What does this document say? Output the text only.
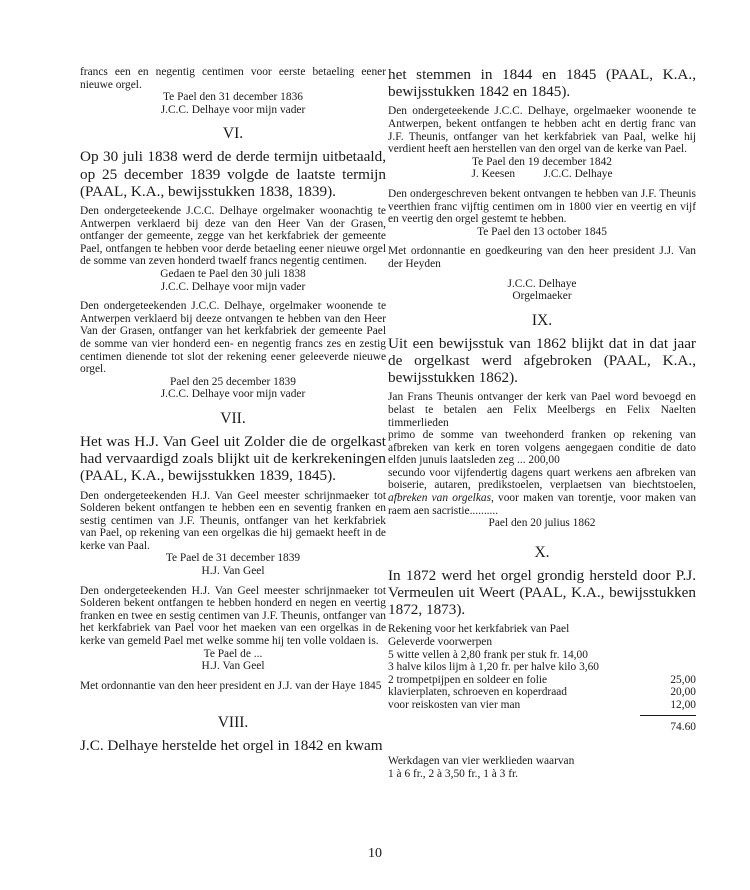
francs een en negentig centimen voor eerste betaeling eener nieuwe orgel.

Te Pael den 31 december 1836

J.C.C. Delhaye voor mijn vader

VI.

Op 30 juli 1838 werd de derde termijn uitbetaald, op 25 december 1839 volgde de laatste termijn (PAAL, K.A., bewijsstukken 1838, 1839).

Den ondergeteekende J.C.C. Delhaye orgelmaker woonachtig te Antwerpen verklaerd bij deze van den Heer Van der Grasen, ontfanger der gemeente, zegge van het kerkfabriek der gemeente Pael, ontfangen te hebben voor derde betaeling eener nieuwe orgel de somme van zeven honderd twaelf francs negentig centimen.

Gedaen te Pael den 30 juli 1838

J.C.C. Delhaye voor mijn vader

Den ondergeteekenden J.C.C. Delhaye, orgelmaker woonende te Antwerpen verklaerd bij deeze ontvangen te hebben van den Heer Van der Grasen, ontfanger van het kerkfabriek der gemeente Pael de somme van vier honderd een- en negentig francs zes en zestig centimen dienende tot slot der rekening eener geleeverde nieuwe orgel.

Pael den 25 december 1839

J.C.C. Delhaye voor mijn vader

VII.

Het was H.J. Van Geel uit Zolder die de orgelkast had vervaardigd zoals blijkt uit de kerkrekeningen (PAAL, K.A., bewijsstukken 1839, 1845).

Den ondergeteekenden H.J. Van Geel meester schrijnmaeker tot Solderen bekent ontfangen te hebben een en seventig franken en sestig centimen van J.F. Theunis, ontfanger van het kerkfabriek van Pael, op rekening van een orgelkas die hij gemaekt heeft in de kerke van Paal.

Te Pael de 31 december 1839

H.J. Van Geel

Den ondergeteekenden H.J. Van Geel meester schrijnmaeker tot Solderen bekent ontfangen te hebben honderd en negen en veertig franken en twee en sestig centimen van J.F. Theunis, ontfanger van het kerkfabriek van Pael voor het maeken van een orgelkas in de kerke van gemeld Pael met welke somme hij ten volle voldaen is.

Te Pael de ...

H.J. Van Geel

Met ordonnantie van den heer president en J.J. van der Haye 1845

VIII.

J.C. Delhaye herstelde het orgel in 1842 en kwam

het stemmen in 1844 en 1845 (PAAL, K.A., bewijsstukken 1842 en 1845).

Den ondergeteekende J.C.C. Delhaye, orgelmaeker woonende te Antwerpen, bekent ontfangen te hebben acht en dertig franc van J.F. Theunis, ontfanger van het kerkfabriek van Paal, welke hij verdient heeft aen herstellen van den orgel van de kerke van Pael.

Te Pael den 19 december 1842

J. Keesen          J.C.C. Delhaye

Den ondergeschreven bekent ontvangen te hebben van J.F. Theunis veerthien franc vijftig centimen om in 1800 vier en veertig en vijf en veertig den orgel gestemt te hebben.

Te Pael den 13 october 1845

Met ordonnantie en goedkeuring van den heer president J.J. Van der Heyden

J.C.C. Delhaye

Orgelmaeker

IX.

Uit een bewijsstuk van 1862 blijkt dat in dat jaar de orgelkast werd afgebroken (PAAL, K.A., bewijsstukken 1862).

Jan Frans Theunis ontvanger der kerk van Pael word bevoegd en belast te betalen aen Felix Meelbergs en Felix Naelten timmerlieden

primo de somme van tweehonderd franken op rekening van afbreken van kerk en toren volgens aengegaen conditie de dato elfden junuis laatsleden zeg ... 200,00

secundo voor vijfendertig dagens quart werkens aen afbreken van boiserie, autaren, predikstoelen, verplaetsen van biechtstoelen, afbreken van orgelkas, voor maken van torentje, voor maken van raem aen sacristie..........

Pael den 20 julius 1862

X.

In 1872 werd het orgel grondig hersteld door P.J. Vermeulen uit Weert (PAAL, K.A., bewijsstukken 1872, 1873).

Rekening voor het kerkfabriek van Pael

Geleverde voorwerpen

5 witte vellen à 2,80 frank per stuk fr. 14,00	
3 halve kilos lijm à 1,20 fr. per halve kilo 3,60	
2 trompetpijpen en soldeer en folie	25,00
klavierplaten, schroeven en koperdraad	20,00
voor reiskosten van vier man	12,00

	74.60

Werkdagen van vier werklieden waarvan

1 à 6 fr., 2 à 3,50 fr., 1 à 3 fr.

10
